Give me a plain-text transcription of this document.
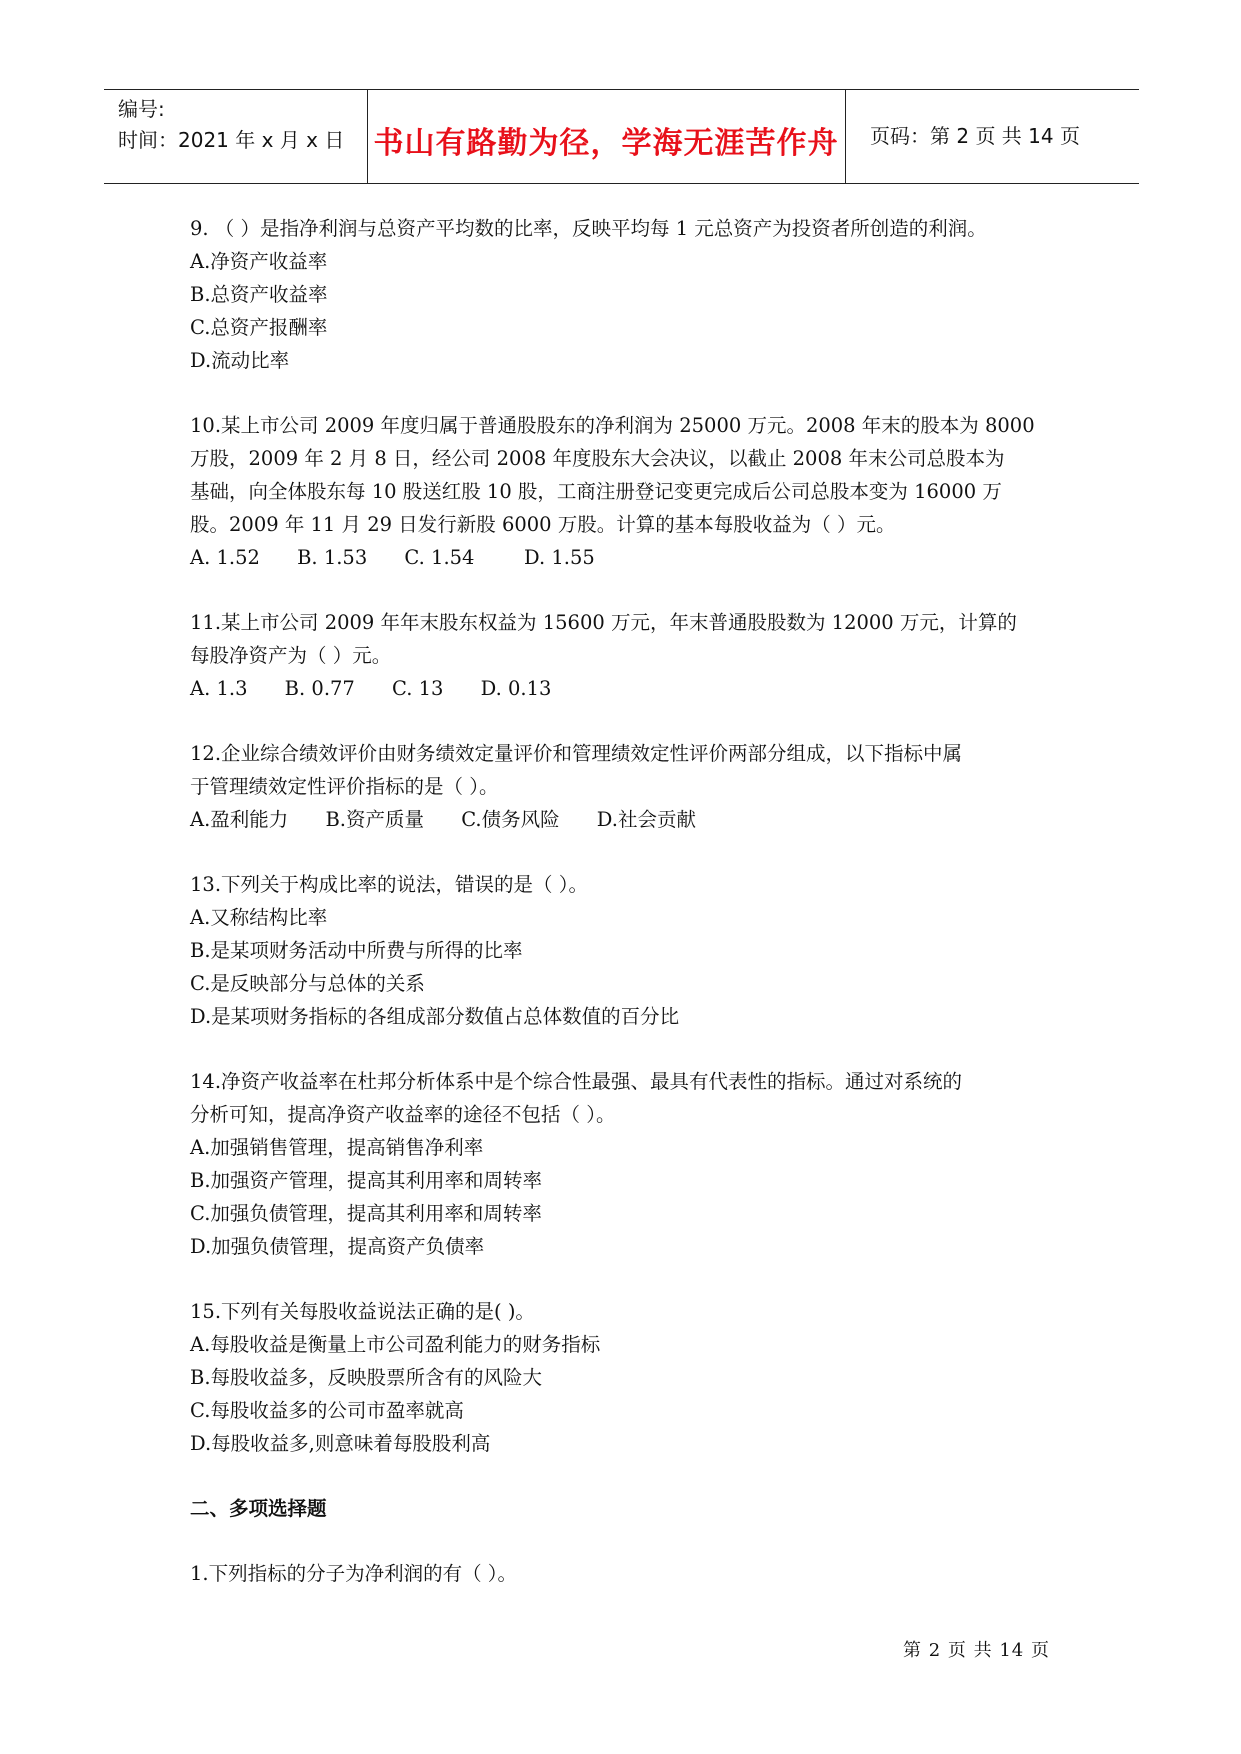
编号:
时间：2021 年 x 月 x 日 书山有路勤为径，学海无涯苦作舟	页码：第 2 页 共 14 页
9. （ ）是指净利润与总资产平均数的比率，反映平均每 1 元总资产为投资者所创造的利润。
A.净资产收益率
B.总资产收益率
C.总资产报酬率
D.流动比率
10.某上市公司 2009 年度归属于普通股股东的净利润为 25000 万元。2008 年末的股本为 8000
万股，2009 年 2 月 8 日，经公司 2008 年度股东大会决议，以截止 2008 年末公司总股本为
基础，向全体股东每 10 股送红股 10 股，工商注册登记变更完成后公司总股本变为 16000 万
股。2009 年 11 月 29 日发行新股 6000 万股。计算的基本每股收益为（ ）元。
A. 1.52      B. 1.53      C. 1.54        D. 1.55
11.某上市公司 2009 年年末股东权益为 15600 万元，年末普通股股数为 12000 万元，计算的
每股净资产为（ ）元。
A. 1.3      B. 0.77      C. 13      D. 0.13
12.企业综合绩效评价由财务绩效定量评价和管理绩效定性评价两部分组成，以下指标中属
于管理绩效定性评价指标的是（ ）。
A.盈利能力      B.资产质量      C.债务风险      D.社会贡献
13.下列关于构成比率的说法，错误的是（ ）。
A.又称结构比率
B.是某项财务活动中所费与所得的比率
C.是反映部分与总体的关系
D.是某项财务指标的各组成部分数值占总体数值的百分比
14.净资产收益率在杜邦分析体系中是个综合性最强、最具有代表性的指标。通过对系统的
分析可知，提高净资产收益率的途径不包括（ ）。
A.加强销售管理，提高销售净利率
B.加强资产管理，提高其利用率和周转率
C.加强负债管理，提高其利用率和周转率
D.加强负债管理，提高资产负债率
15.下列有关每股收益说法正确的是( )。
A.每股收益是衡量上市公司盈利能力的财务指标
B.每股收益多，反映股票所含有的风险大
C.每股收益多的公司市盈率就高
D.每股收益多,则意味着每股股利高
二、多项选择题
1.下列指标的分子为净利润的有（ ）。
第 2 页 共 14 页
